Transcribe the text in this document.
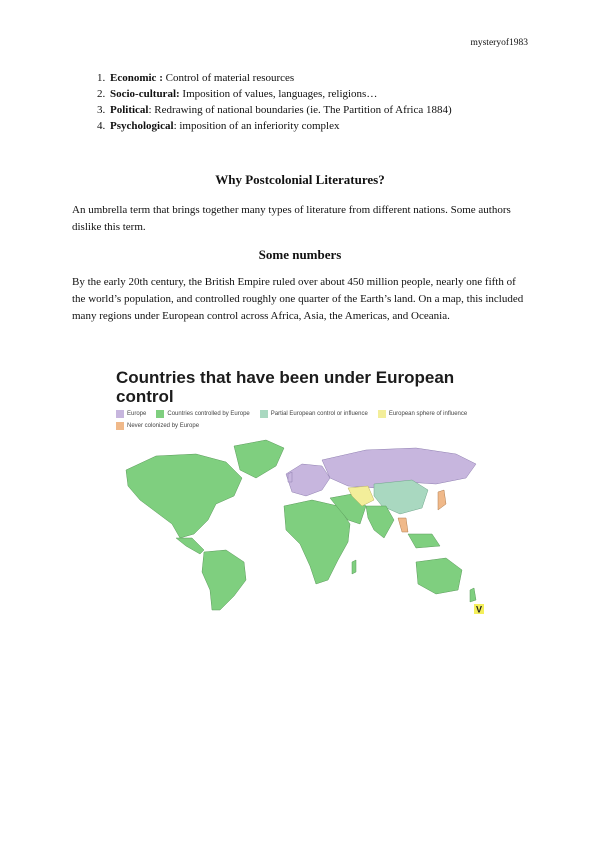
mysteryof1983
1. Economic : Control of material resources
2. Socio-cultural: Imposition of values, languages, religions…
3. Political: Redrawing of national boundaries (ie. The Partition of Africa 1884)
4. Psychological: imposition of an inferiority complex
Why Postcolonial Literatures?
An umbrella term that brings together many types of literature from different nations. Some authors dislike this term.
Some numbers
By the early 20th century, the British Empire ruled over about 450 million people, nearly one fifth of the world’s population, and controlled roughly one quarter of the Earth’s land. On a map, this included many regions under European control across Africa, Asia, the Americas, and Oceania.
Countries that have been under European control
Europe	Countries controlled by Europe	Partial European control or influence	European sphere of influence
Never colonized by Europe
V
